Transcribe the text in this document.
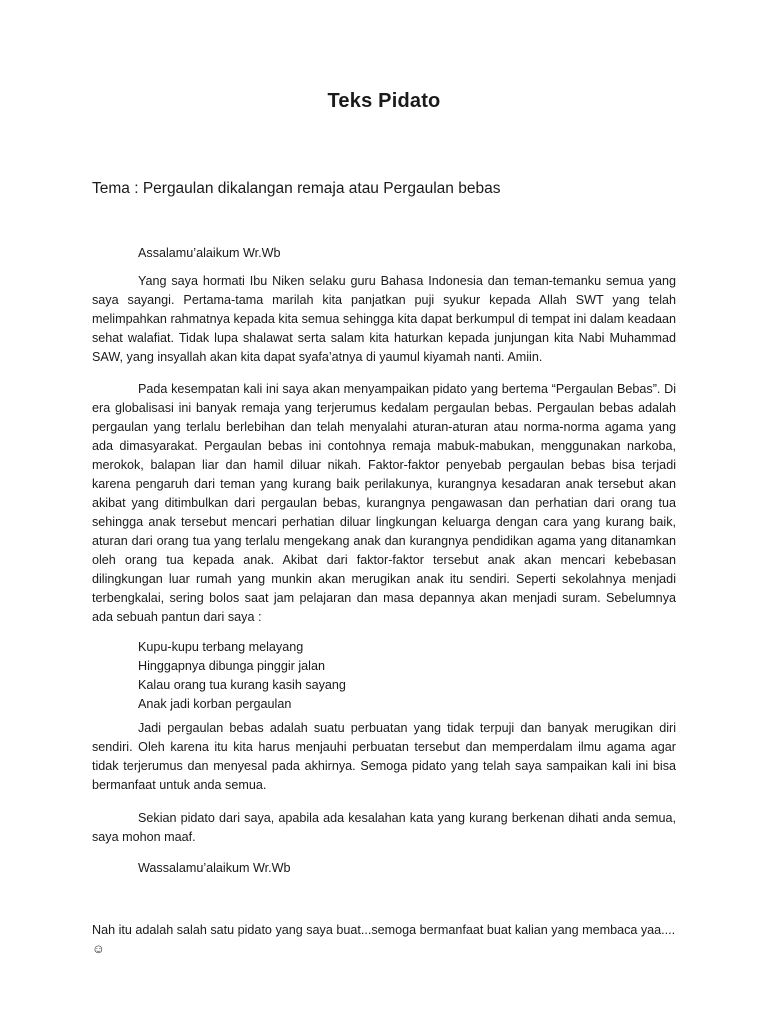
Teks Pidato
Tema : Pergaulan dikalangan remaja atau Pergaulan bebas
Assalamu’alaikum Wr.Wb

Yang saya hormati Ibu Niken selaku guru Bahasa Indonesia dan teman-temanku semua yang saya sayangi. Pertama-tama marilah kita panjatkan puji syukur kepada Allah SWT yang telah melimpahkan rahmatnya kepada kita semua sehingga kita dapat berkumpul di tempat ini dalam keadaan sehat walafiat. Tidak lupa shalawat serta salam kita haturkan kepada junjungan kita Nabi Muhammad SAW, yang insyallah akan kita dapat syafa’atnya di yaumul kiyamah nanti. Amiin.

Pada kesempatan kali ini saya akan menyampaikan pidato yang bertema “Pergaulan Bebas”. Di era globalisasi ini banyak remaja yang terjerumus kedalam pergaulan bebas. Pergaulan bebas adalah pergaulan yang terlalu berlebihan dan telah menyalahi aturan-aturan atau norma-norma agama yang ada dimasyarakat. Pergaulan bebas ini contohnya remaja mabuk-mabukan, menggunakan narkoba, merokok, balapan liar dan hamil diluar nikah. Faktor-faktor penyebab pergaulan bebas bisa terjadi karena pengaruh dari teman yang kurang baik perilakunya, kurangnya kesadaran anak tersebut akan akibat yang ditimbulkan dari pergaulan bebas, kurangnya pengawasan dan perhatian dari orang tua sehingga anak tersebut mencari perhatian diluar lingkungan keluarga dengan cara yang kurang baik, aturan dari orang tua yang terlalu mengekang anak dan kurangnya pendidikan agama yang ditanamkan oleh orang tua kepada anak. Akibat dari faktor-faktor tersebut anak akan mencari kebebasan dilingkungan luar rumah yang munkin akan merugikan anak itu sendiri. Seperti sekolahnya menjadi terbengkalai, sering bolos saat jam pelajaran dan masa depannya akan menjadi suram. Sebelumnya ada sebuah pantun dari saya :

Kupu-kupu terbang melayang
Hinggapnya dibunga pinggir jalan
Kalau orang tua kurang kasih sayang
Anak jadi korban pergaulan

Jadi pergaulan bebas adalah suatu perbuatan yang tidak terpuji dan banyak merugikan diri sendiri. Oleh karena itu kita harus menjauhi perbuatan tersebut dan memperdalam ilmu agama agar tidak terjerumus dan menyesal pada akhirnya. Semoga pidato yang telah saya sampaikan kali ini bisa bermanfaat untuk anda semua.

Sekian pidato dari saya, apabila ada kesalahan kata yang kurang berkenan dihati anda semua, saya mohon maaf.

Wassalamu’alaikum Wr.Wb
Nah itu adalah salah satu pidato yang saya buat...semoga bermanfaat buat kalian yang membaca yaa.... ☺
